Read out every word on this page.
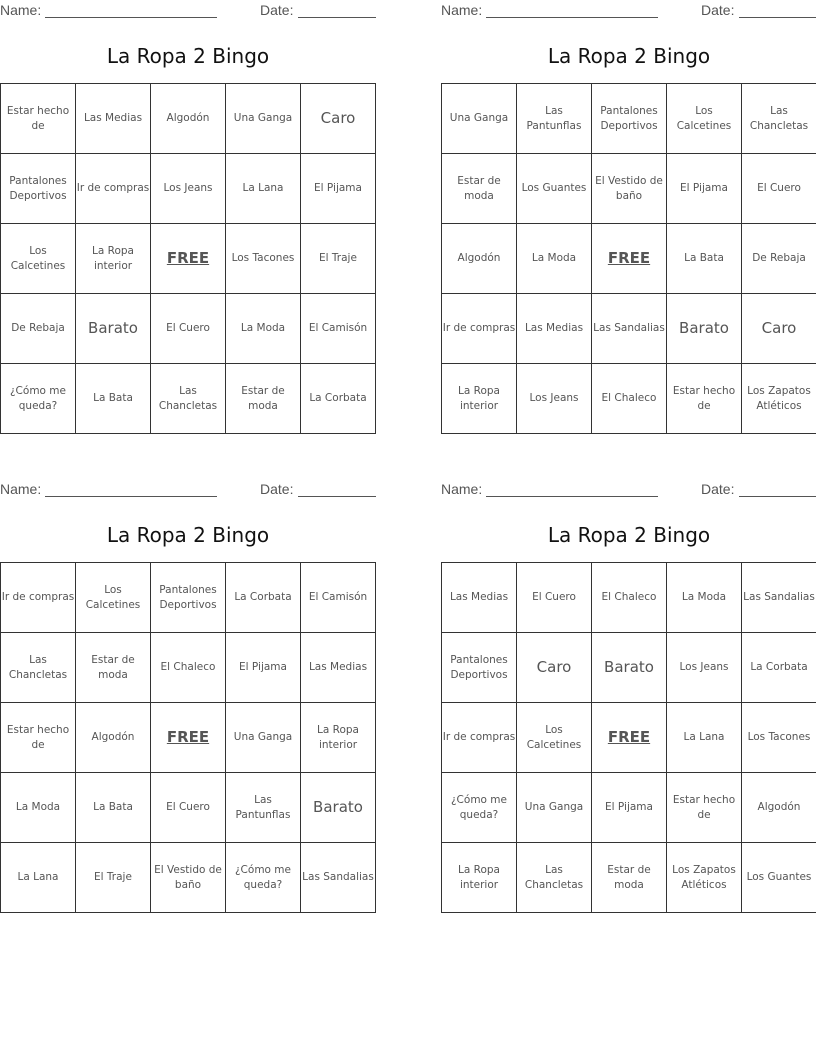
Name:	Date:
La Ropa 2 Bingo
Estar hecho de	Las Medias	Algodón	Una Ganga	Caro
Pantalones Deportivos	Ir de compras	Los Jeans	La Lana	El Pijama
Los Calcetines	La Ropa interior	FREE	Los Tacones	El Traje
De Rebaja	Barato	El Cuero	La Moda	El Camisón
¿Cómo me queda?	La Bata	Las Chancletas	Estar de moda	La Corbata
Name:	Date:
La Ropa 2 Bingo
Una Ganga	Las Pantunflas	Pantalones Deportivos	Los Calcetines	Las Chancletas
Estar de moda	Los Guantes	El Vestido de baño	El Pijama	El Cuero
Algodón	La Moda	FREE	La Bata	De Rebaja
Ir de compras	Las Medias	Las Sandalias	Barato	Caro
La Ropa interior	Los Jeans	El Chaleco	Estar hecho de	Los Zapatos Atléticos
Name:	Date:
La Ropa 2 Bingo
Ir de compras	Los Calcetines	Pantalones Deportivos	La Corbata	El Camisón
Las Chancletas	Estar de moda	El Chaleco	El Pijama	Las Medias
Estar hecho de	Algodón	FREE	Una Ganga	La Ropa interior
La Moda	La Bata	El Cuero	Las Pantunflas	Barato
La Lana	El Traje	El Vestido de baño	¿Cómo me queda?	Las Sandalias
Name:	Date:
La Ropa 2 Bingo
Las Medias	El Cuero	El Chaleco	La Moda	Las Sandalias
Pantalones Deportivos	Caro	Barato	Los Jeans	La Corbata
Ir de compras	Los Calcetines	FREE	La Lana	Los Tacones
¿Cómo me queda?	Una Ganga	El Pijama	Estar hecho de	Algodón
La Ropa interior	Las Chancletas	Estar de moda	Los Zapatos Atléticos	Los Guantes
